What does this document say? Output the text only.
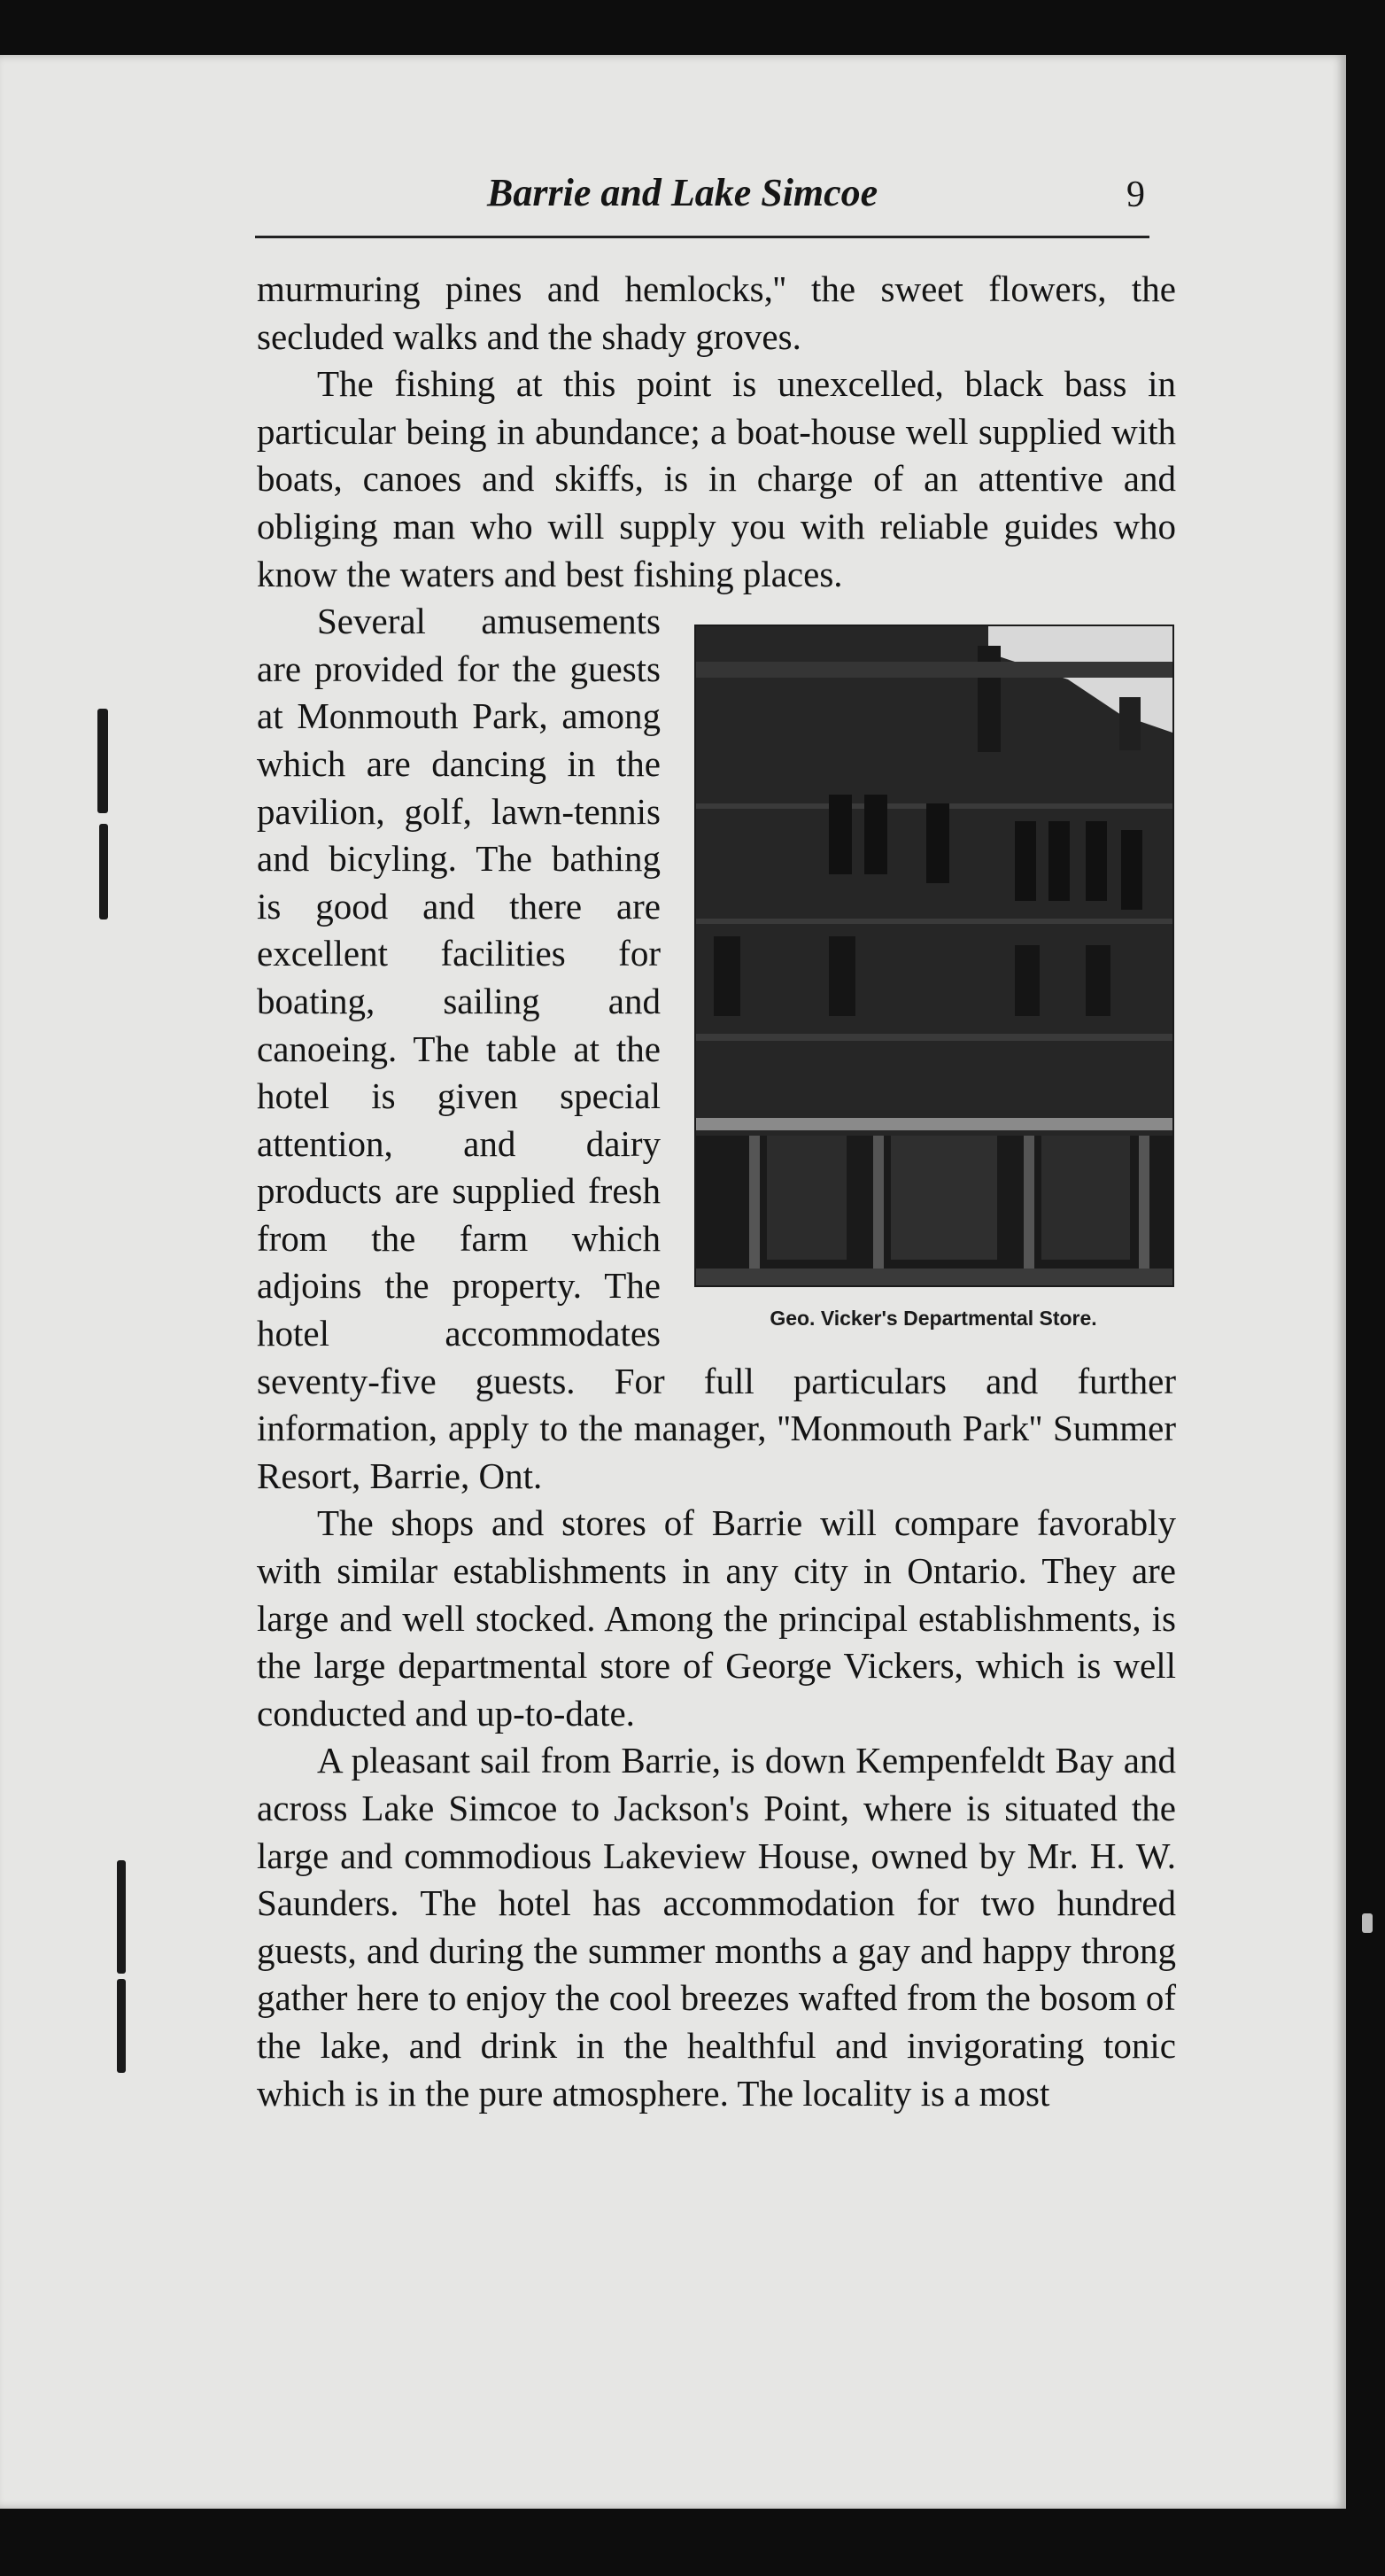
Barrie and Lake Simcoe	9

murmuring pines and hemlocks,'' the sweet flowers, the secluded walks and the shady groves.

The fishing at this point is unexcelled, black bass in particular being in abundance; a boat-house well supplied with boats, canoes and skiffs, is in charge of an attentive and obliging man who will supply you with reliable guides who know the waters and best fishing places.

Geo. Vicker's Departmental Store.

Several amusements are provided for the guests at Monmouth Park, among which are dancing in the pavilion, golf, lawn-tennis and bicyling. The bathing is good and there are excellent facilities for boating, sailing and canoeing. The table at the hotel is given special attention, and dairy products are supplied fresh from the farm which adjoins the property. The hotel accommodates seventy-five guests. For full particulars and further information, apply to the manager, ''Monmouth Park'' Summer Resort, Barrie, Ont.

The shops and stores of Barrie will compare favorably with similar establishments in any city in Ontario. They are large and well stocked. Among the principal establishments, is the large departmental store of George Vickers, which is well conducted and up-to-date.

A pleasant sail from Barrie, is down Kempenfeldt Bay and across Lake Simcoe to Jackson's Point, where is situated the large and commodious Lakeview House, owned by Mr. H. W. Saunders. The hotel has accommodation for two hundred guests, and during the summer months a gay and happy throng gather here to enjoy the cool breezes wafted from the bosom of the lake, and drink in the healthful and invigorating tonic which is in the pure atmosphere. The locality is a most
